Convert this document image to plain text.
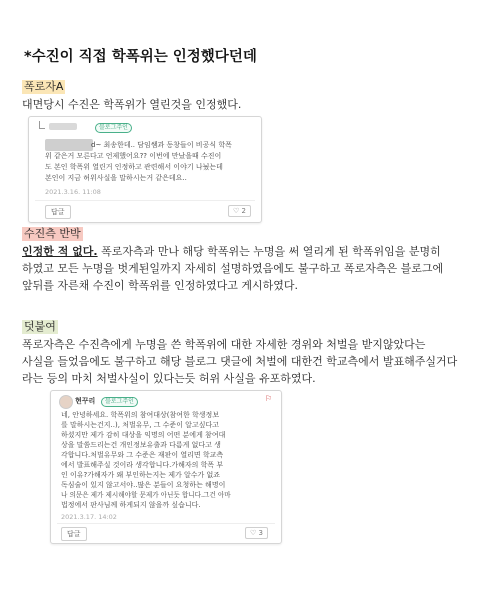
*수진이 직접 학폭위는 인정했다던데
폭로자A
대면당시 수진은 학폭위가 열린것을 인정했다.
블로그주인
d~ 최송한데.. 담임쌤과 동창들이 비공식 학폭
위 같은거 모른다고 언제했어요?? 이번에 만났을때 수진이
도 본인 학폭위 열린거 인정하고 관련해서 이야기 나눴는데
본인이 지금 허위사실을 말하시는거 같은데요..
2021.3.16. 11:08
답글	♡ 2
수진측 반박
인정한 적 없다. 폭로자측과 만나 해당 학폭위는 누명을 써 열리게 된 학폭위임을 분명히
하였고 모든 누명을 벗게된일까지 자세히 설명하였음에도 불구하고 폭로자측은 블로그에
앞뒤를 자른채 수진이 학폭위를 인정하였다고 게시하였다.
덧붙여
폭로자측은 수진측에게 누명을 쓴 학폭위에 대한 자세한 경위와 처벌을 받지않았다는
사실을 들었음에도 불구하고 해당 블로그 댓글에 처벌에 대한건 학교측에서 발표해주실거다
라는 등의 마치 처벌사실이 있다는듯 허위 사실을 유포하였다.
현꾸리	블로그주인	⚐
네, 안녕하세요. 학폭위의 참여대상(참여한 학생정보
를 말하시는건지..), 처벌유무, 그 수준이 알고싶다고
하셨지만 제가 감히 대상을 익명의 어떤 분에게 참여대
상을 말씀드리는건 개인정보유출과 다름게 없다고 생
각합니다.처벌유무와 그 수준은 재판이 열리면 학교측
에서 발표해주실 것이라 생각합니다.가해자의 학폭 부
인 이유?가해자가 왜 부인하는지는 제가 알수가 없죠
독심술이 있지 않고서야..많은 분들이 요청하는 해명이
나 의문은 제가 제시해야할 문제가 아닌듯 합니다.그건 아마
법정에서 판사님께 하게되지 않을까 싶습니다.
2021.3.17. 14:02
답글	♡ 3
